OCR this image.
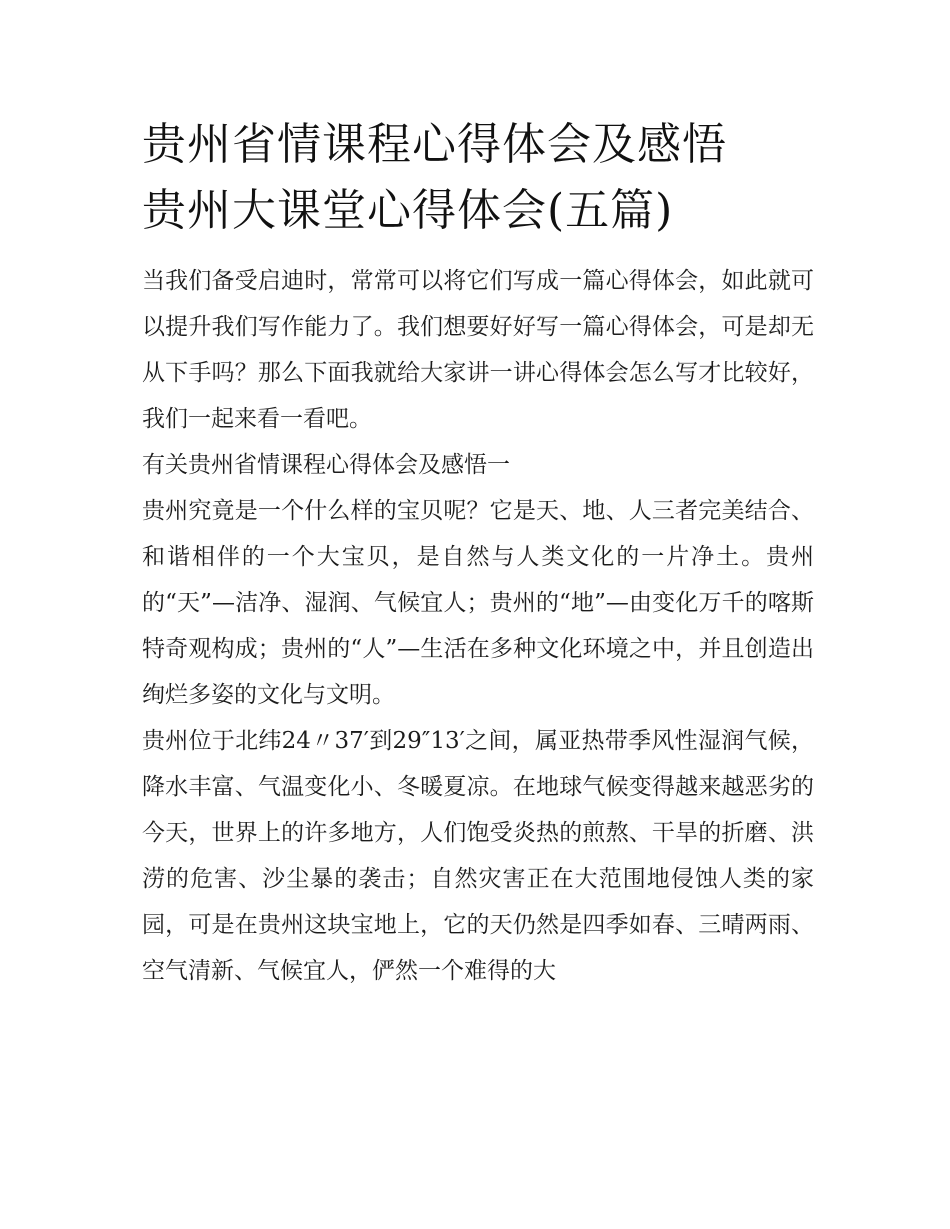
贵州省情课程心得体会及感悟
贵州大课堂心得体会(五篇)

当我们备受启迪时，常常可以将它们写成一篇心得体会，如此就可以提升我们写作能力了。我们想要好好写一篇心得体会，可是却无从下手吗？那么下面我就给大家讲一讲心得体会怎么写才比较好，我们一起来看一看吧。

有关贵州省情课程心得体会及感悟一

贵州究竟是一个什么样的宝贝呢？它是天、地、人三者完美结合、和谐相伴的一个大宝贝，是自然与人类文化的一片净土。贵州的“天”—洁净、湿润、气候宜人；贵州的“地”—由变化万千的喀斯特奇观构成；贵州的“人”—生活在多种文化环境之中，并且创造出绚烂多姿的文化与文明。

贵州位于北纬24〃37′到29″13′之间，属亚热带季风性湿润气候，降水丰富、气温变化小、冬暖夏凉。在地球气候变得越来越恶劣的今天，世界上的许多地方，人们饱受炎热的煎熬、干旱的折磨、洪涝的危害、沙尘暴的袭击；自然灾害正在大范围地侵蚀人类的家园，可是在贵州这块宝地上，它的天仍然是四季如春、三晴两雨、空气清新、气候宜人，俨然一个难得的大
